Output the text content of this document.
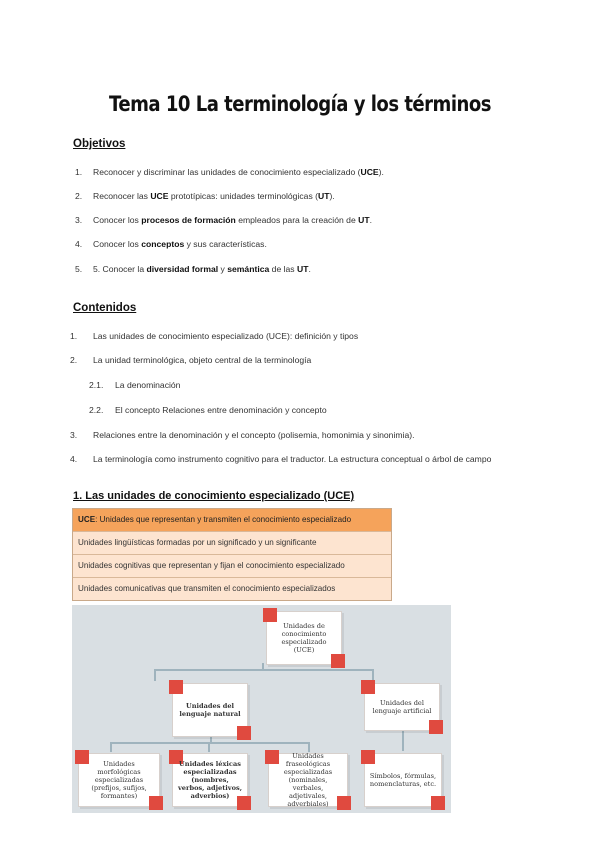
Tema 10 La terminología y los términos
Objetivos
1. Reconocer y discriminar las unidades de conocimiento especializado (UCE).
2. Reconocer las UCE prototípicas: unidades terminológicas (UT).
3. Conocer los procesos de formación empleados para la creación de UT.
4. Conocer los conceptos y sus características.
5. 5. Conocer la diversidad formal y semántica de las UT.
Contenidos
1. Las unidades de conocimiento especializado (UCE): definición y tipos
2. La unidad terminológica, objeto central de la terminología
2.1. La denominación
2.2. El concepto Relaciones entre denominación y concepto
3. Relaciones entre la denominación y el concepto (polisemia, homonimia y sinonimia).
4. La terminología como instrumento cognitivo para el traductor. La estructura conceptual o árbol de campo
1. Las unidades de conocimiento especializado (UCE)
UCE: Unidades que representan y transmiten el conocimiento especializado
Unidades lingüísticas formadas por un significado y un significante
Unidades cognitivas que representan y fijan el conocimiento especializado
Unidades comunicativas que transmiten el conocimiento especializados
Unidades de conocimiento especializado (UCE)
Unidades del lenguaje natural
Unidades del lenguaje artificial
Unidades morfológicas especializadas (prefijos, sufijos, formantes)
Unidades léxicas especializadas (nombres, verbos, adjetivos, adverbios)
Unidades fraseológicas especializadas (nominales, verbales, adjetivales, adverbiales)
Símbolos, fórmulas, nomenclaturas, etc.
